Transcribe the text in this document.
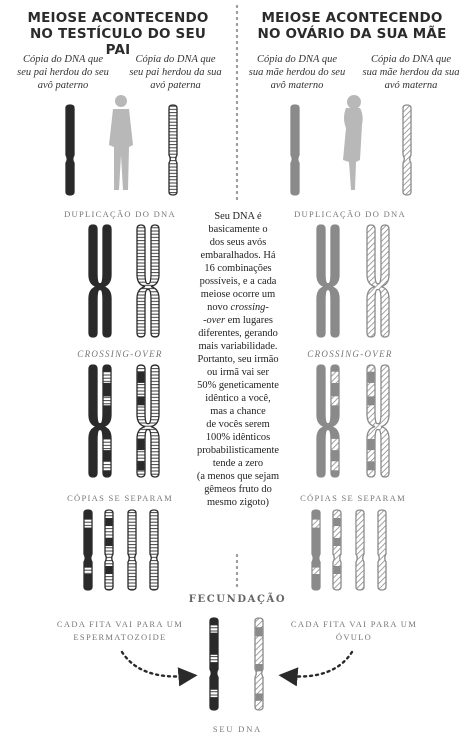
MEIOSE ACONTECENDO
NO TESTÍCULO DO SEU PAI
MEIOSE ACONTECENDO
NO OVÁRIO DA SUA MÃE
Cópia do DNA que
seu pai herdou do seu
avô paterno
Cópia do DNA que
seu pai herdou da sua
avó paterna
Cópia do DNA que
sua mãe herdou do seu
avô materno
Cópia do DNA que
sua mãe herdou da sua
avó materna
DUPLICAÇÃO DO DNA	DUPLICAÇÃO DO DNA
CROSSING-OVER	CROSSING-OVER
CÓPIAS SE SEPARAM	CÓPIAS SE SEPARAM
Seu DNA é
basicamente o
dos seus avós
embaralhados. Há
16 combinações
possíveis, e a cada
meiose ocorre um
novo crossing-
-over em lugares
diferentes, gerando
mais variabilidade.
Portanto, seu irmão
ou irmã vai ser
50% geneticamente
idêntico a você,
mas a chance
de vocês serem
100% idênticos
probabilisticamente
tende a zero
(a menos que sejam
gêmeos fruto do
mesmo zigoto)
FECUNDAÇÃO
CADA FITA VAI PARA UM
ESPERMATOZOIDE
CADA FITA VAI PARA UM
ÓVULO
SEU DNA
